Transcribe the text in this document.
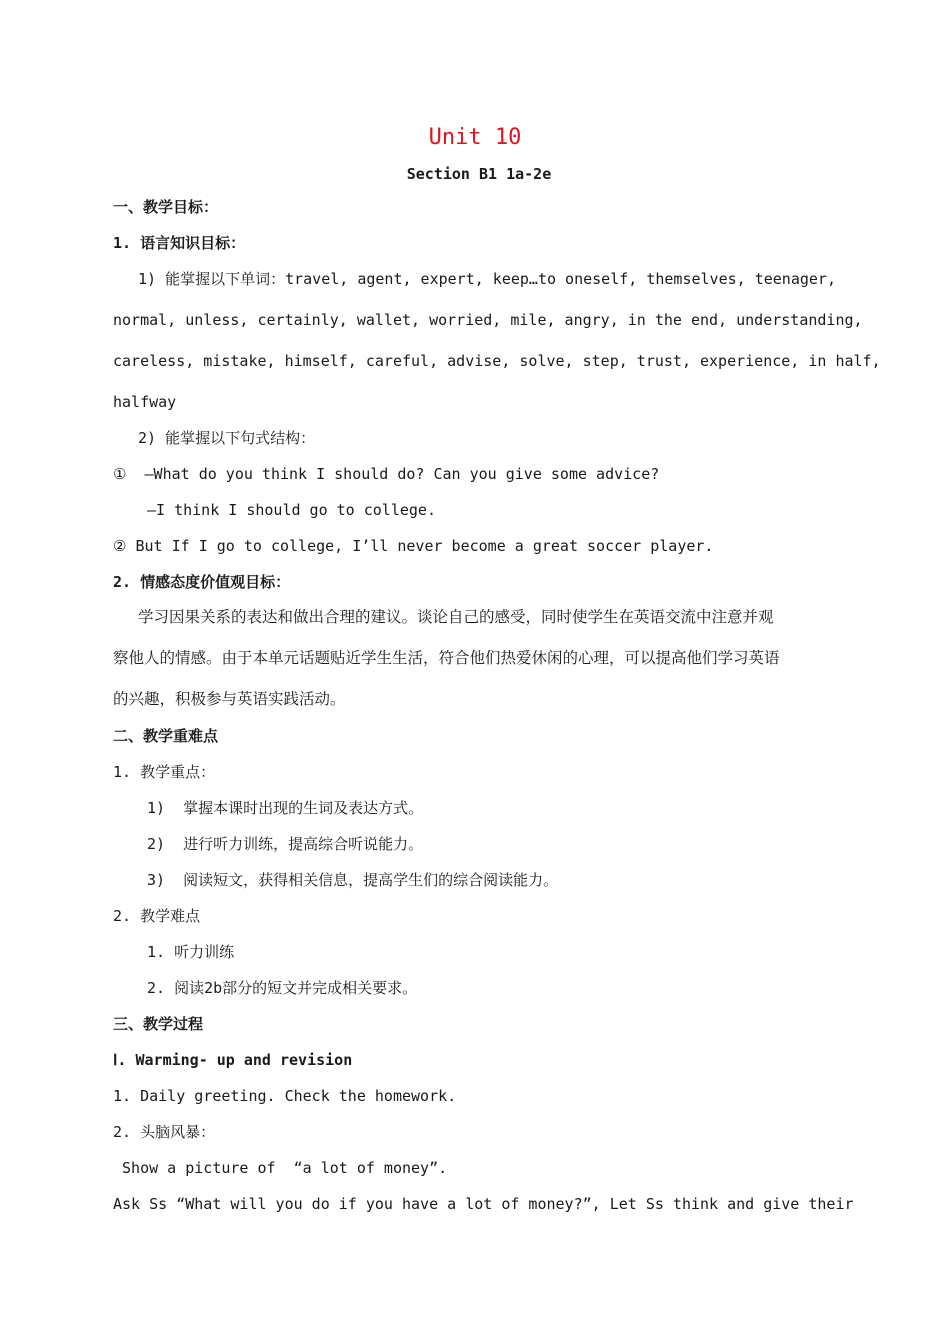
Unit 10
Section B1 1a-2e
一、教学目标：
1. 语言知识目标：
1) 能掌握以下单词：travel, agent, expert, keep…to oneself, themselves, teenager,
normal, unless, certainly, wallet, worried, mile, angry, in the end, understanding,
careless, mistake, himself, careful, advise, solve, step, trust, experience, in half,
halfway
2) 能掌握以下句式结构：
①  —What do you think I should do? Can you give some advice?
—I think I should go to college.
② But If I go to college, I’ll never become a great soccer player.
2. 情感态度价值观目标：
学习因果关系的表达和做出合理的建议。谈论自己的感受，同时使学生在英语交流中注意并观
察他人的情感。由于本单元话题贴近学生生活，符合他们热爱休闲的心理，可以提高他们学习英语
的兴趣，积极参与英语实践活动。
二、教学重难点
1. 教学重点：
1)  掌握本课时出现的生词及表达方式。
2)  进行听力训练，提高综合听说能力。
3)  阅读短文，获得相关信息，提高学生们的综合阅读能力。
2. 教学难点
1. 听力训练
2. 阅读2b部分的短文并完成相关要求。
三、教学过程
Ⅰ. Warming- up and revision
1. Daily greeting. Check the homework.
2. 头脑风暴：
Show a picture of  “a lot of money”.
Ask Ss “What will you do if you have a lot of money?”, Let Ss think and give their
